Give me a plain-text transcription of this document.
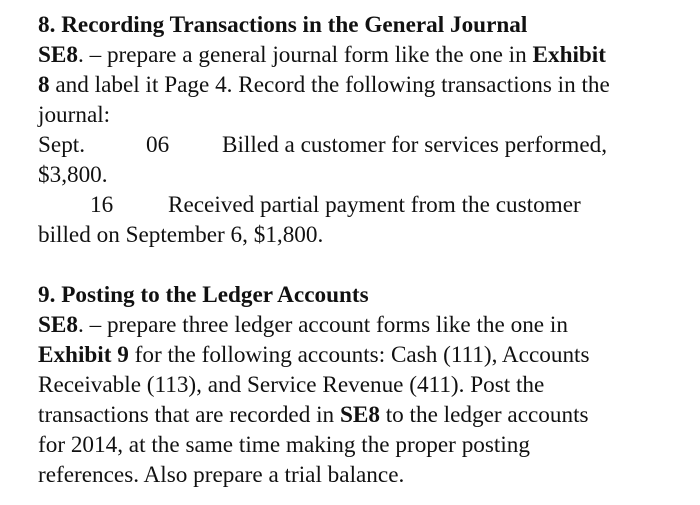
8. Recording Transactions in the General Journal
SE8. – prepare a general journal form like the one in Exhibit
8 and label it Page 4. Record the following transactions in the
journal:
Sept.	06 Billed a customer for services performed,
$3,800.
16 Received partial payment from the customer
billed on September 6, $1,800.
9. Posting to the Ledger Accounts
SE8. – prepare three ledger account forms like the one in
Exhibit 9 for the following accounts: Cash (111), Accounts
Receivable (113), and Service Revenue (411). Post the
transactions that are recorded in SE8 to the ledger accounts
for 2014, at the same time making the proper posting
references. Also prepare a trial balance.
